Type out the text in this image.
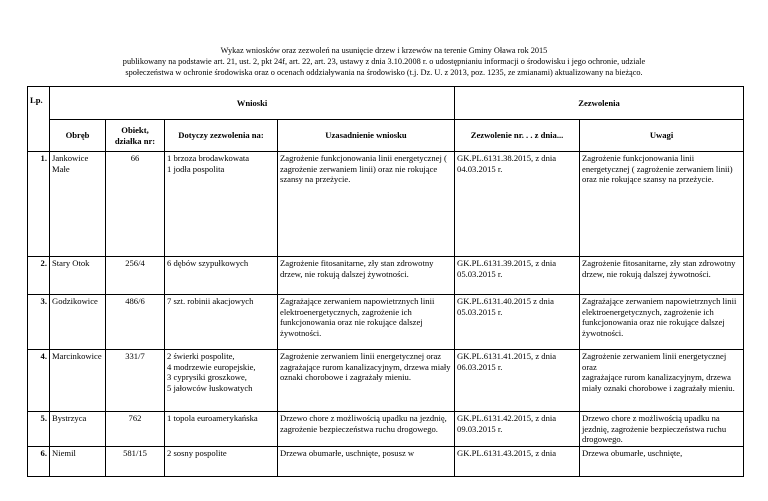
Wykaz wniosków oraz zezwoleń na usunięcie drzew i krzewów na terenie Gminy Oława rok 2015
publikowany na podstawie art. 21, ust. 2, pkt 24f, art. 22, art. 23, ustawy z dnia 3.10.2008 r. o udostępnianiu informacji o środowisku i jego ochronie, udziale
społeczeństwa w ochronie środowiska oraz o ocenach oddziaływania na środowisko (t.j. Dz. U. z 2013, poz. 1235, ze zmianami) aktualizowany na bieżąco.
Lp.	Wnioski				Zezwolenia	
	Obręb	Obiekt, działka nr:	Dotyczy zezwolenia na:	Uzasadnienie wniosku	Zezwolenie nr. . . z dnia...	Uwagi
1.	Jankowice Małe	66	1 brzoza brodawkowata
1 jodła pospolita	Zagrożenie funkcjonowania linii energetycznej ( zagrożenie zerwaniem linii) oraz nie rokujące szansy na przeżycie.	GK.PL.6131.38.2015, z dnia 04.03.2015 r.	Zagrożenie funkcjonowania linii energetycznej ( zagrożenie zerwaniem linii) oraz nie rokujące szansy na przeżycie.
2.	Stary Otok	256/4	6 dębów szypułkowych	Zagrożenie fitosanitarne, zły stan zdrowotny drzew, nie rokują dalszej żywotności.	GK.PL.6131.39.2015, z dnia 05.03.2015 r.	Zagrożenie fitosanitarne, zły stan zdrowotny drzew, nie rokują dalszej żywotności.
3.	Godzikowice	486/6	7 szt. robinii akacjowych	Zagrażające zerwaniem napowietrznych linii elektroenergetycznych, zagrożenie ich funkcjonowania oraz nie rokujące dalszej żywotności.	GK.PL.6131.40.2015 z dnia 05.03.2015 r.	Zagrażające zerwaniem napowietrznych linii elektroenergetycznych, zagrożenie ich funkcjonowania oraz nie rokujące dalszej żywotności.
4.	Marcinkowice	331/7	2 świerki pospolite,
4 modrzewie europejskie,
3 cyprysiki groszkowe,
5 jałowców łuskowatych	Zagrożenie zerwaniem linii energetycznej oraz
zagrażające rurom kanalizacyjnym, drzewa miały oznaki chorobowe i zagrażały mieniu.	GK.PL.6131.41.2015, z dnia 06.03.2015 r.	Zagrożenie zerwaniem linii energetycznej oraz
zagrażające rurom kanalizacyjnym, drzewa miały oznaki chorobowe i zagrażały mieniu.
5.	Bystrzyca	762	1 topola euroamerykańska	Drzewo chore z możliwością upadku na jezdnię, zagrożenie bezpieczeństwa ruchu drogowego.	GK.PL.6131.42.2015, z dnia 09.03.2015 r.	Drzewo chore z możliwością upadku na jezdnię, zagrożenie bezpieczeństwa ruchu drogowego.
6.	Niemil	581/15	2 sosny pospolite	Drzewa obumarłe, uschnięte, posusz w	GK.PL.6131.43.2015, z dnia	Drzewa obumarłe, uschnięte,
